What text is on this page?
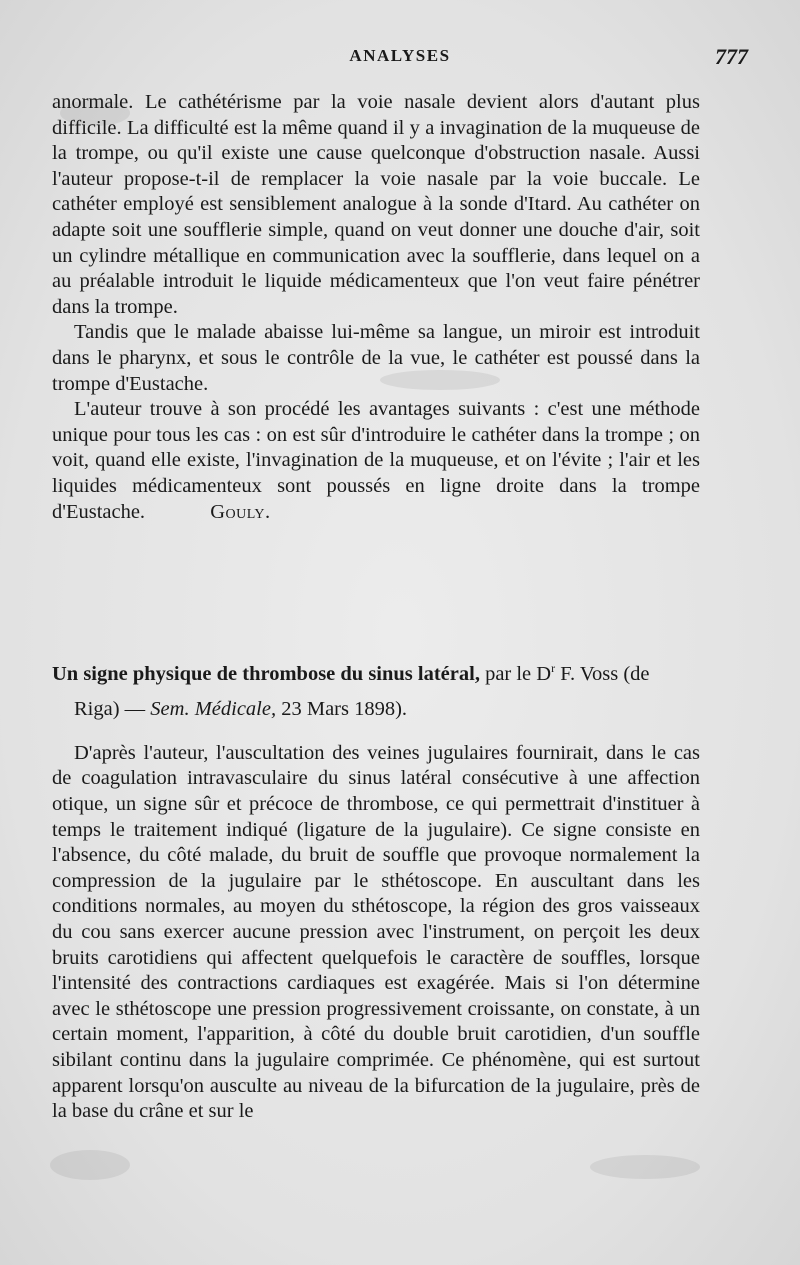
ANALYSES	777

anormale. Le cathétérisme par la voie nasale devient alors d'autant plus difficile. La difficulté est la même quand il y a invagination de la muqueuse de la trompe, ou qu'il existe une cause quelconque d'obstruction nasale. Aussi l'auteur propose-t-il de remplacer la voie nasale par la voie buccale. Le cathéter employé est sensiblement analogue à la sonde d'Itard. Au cathéter on adapte soit une soufflerie simple, quand on veut donner une douche d'air, soit un cylindre métallique en communication avec la soufflerie, dans lequel on a au préalable introduit le liquide médicamenteux que l'on veut faire pénétrer dans la trompe.

Tandis que le malade abaisse lui-même sa langue, un miroir est introduit dans le pharynx, et sous le contrôle de la vue, le cathéter est poussé dans la trompe d'Eustache.

L'auteur trouve à son procédé les avantages suivants : c'est une méthode unique pour tous les cas : on est sûr d'introduire le cathéter dans la trompe ; on voit, quand elle existe, l'invagination de la muqueuse, et on l'évite ; l'air et les liquides médicamenteux sont poussés en ligne droite dans la trompe d'Eustache.	Gouly.

Un signe physique de thrombose du sinus latéral, par le $D^r$ F. Voss (de Riga) — Sem. Médicale, 23 Mars 1898).

D'après l'auteur, l'auscultation des veines jugulaires fournirait, dans le cas de coagulation intravasculaire du sinus latéral consécutive à une affection otique, un signe sûr et précoce de thrombose, ce qui permettrait d'instituer à temps le traitement indiqué (ligature de la jugulaire). Ce signe consiste en l'absence, du côté malade, du bruit de souffle que provoque normalement la compression de la jugulaire par le sthétoscope. En auscultant dans les conditions normales, au moyen du sthétoscope, la région des gros vaisseaux du cou sans exercer aucune pression avec l'instrument, on perçoit les deux bruits carotidiens qui affectent quelquefois le caractère de souffles, lorsque l'intensité des contractions cardiaques est exagérée. Mais si l'on détermine avec le sthétoscope une pression progressivement croissante, on constate, à un certain moment, l'apparition, à côté du double bruit carotidien, d'un souffle sibilant continu dans la jugulaire comprimée. Ce phénomène, qui est surtout apparent lorsqu'on ausculte au niveau de la bifurcation de la jugulaire, près de la base du crâne et sur le
